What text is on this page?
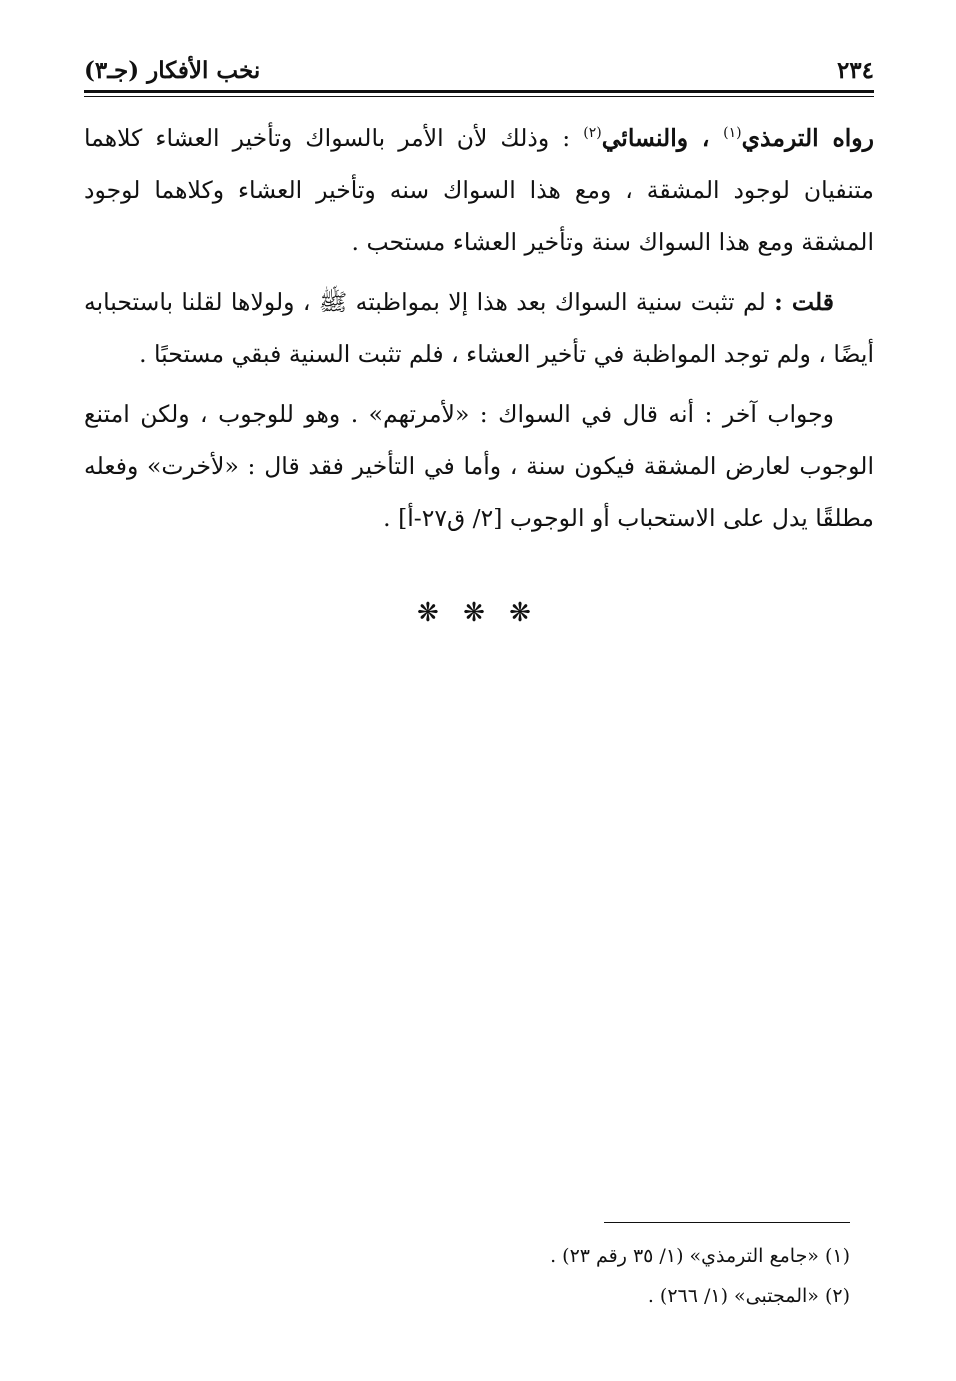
٢٣٤
نخب الأفكار (جـ٣)

رواه الترمذي$^{(١)}$ ، والنسائي$^{(٢)}$ : وذلك لأن الأمر بالسواك وتأخير العشاء كلاهما متنفيان لوجود المشقة ، ومع هذا السواك سنه وتأخير العشاء وكلاهما لوجود المشقة ومع هذا السواك سنة وتأخير العشاء مستحب .

قلت : لم تثبت سنية السواك بعد هذا إلا بمواظبته ﷺ ، ولولاها لقلنا باستحبابه أيضًا ، ولم توجد المواظبة في تأخير العشاء ، فلم تثبت السنية فبقي مستحبًا .

وجواب آخر : أنه قال في السواك : «لأمرتهم» . وهو للوجوب ، ولكن امتنع الوجوب لعارض المشقة فيكون سنة ، وأما في التأخير فقد قال : «لأخرت» وفعله مطلقًا يدل على الاستحباب أو الوجوب [٢/ ق٢٧-أ] .

❋ ❋ ❋
(١)«جامع الترمذي» (١/ ٣٥ رقم ٢٣) .
(٢)«المجتبى» (١/ ٢٦٦) .
